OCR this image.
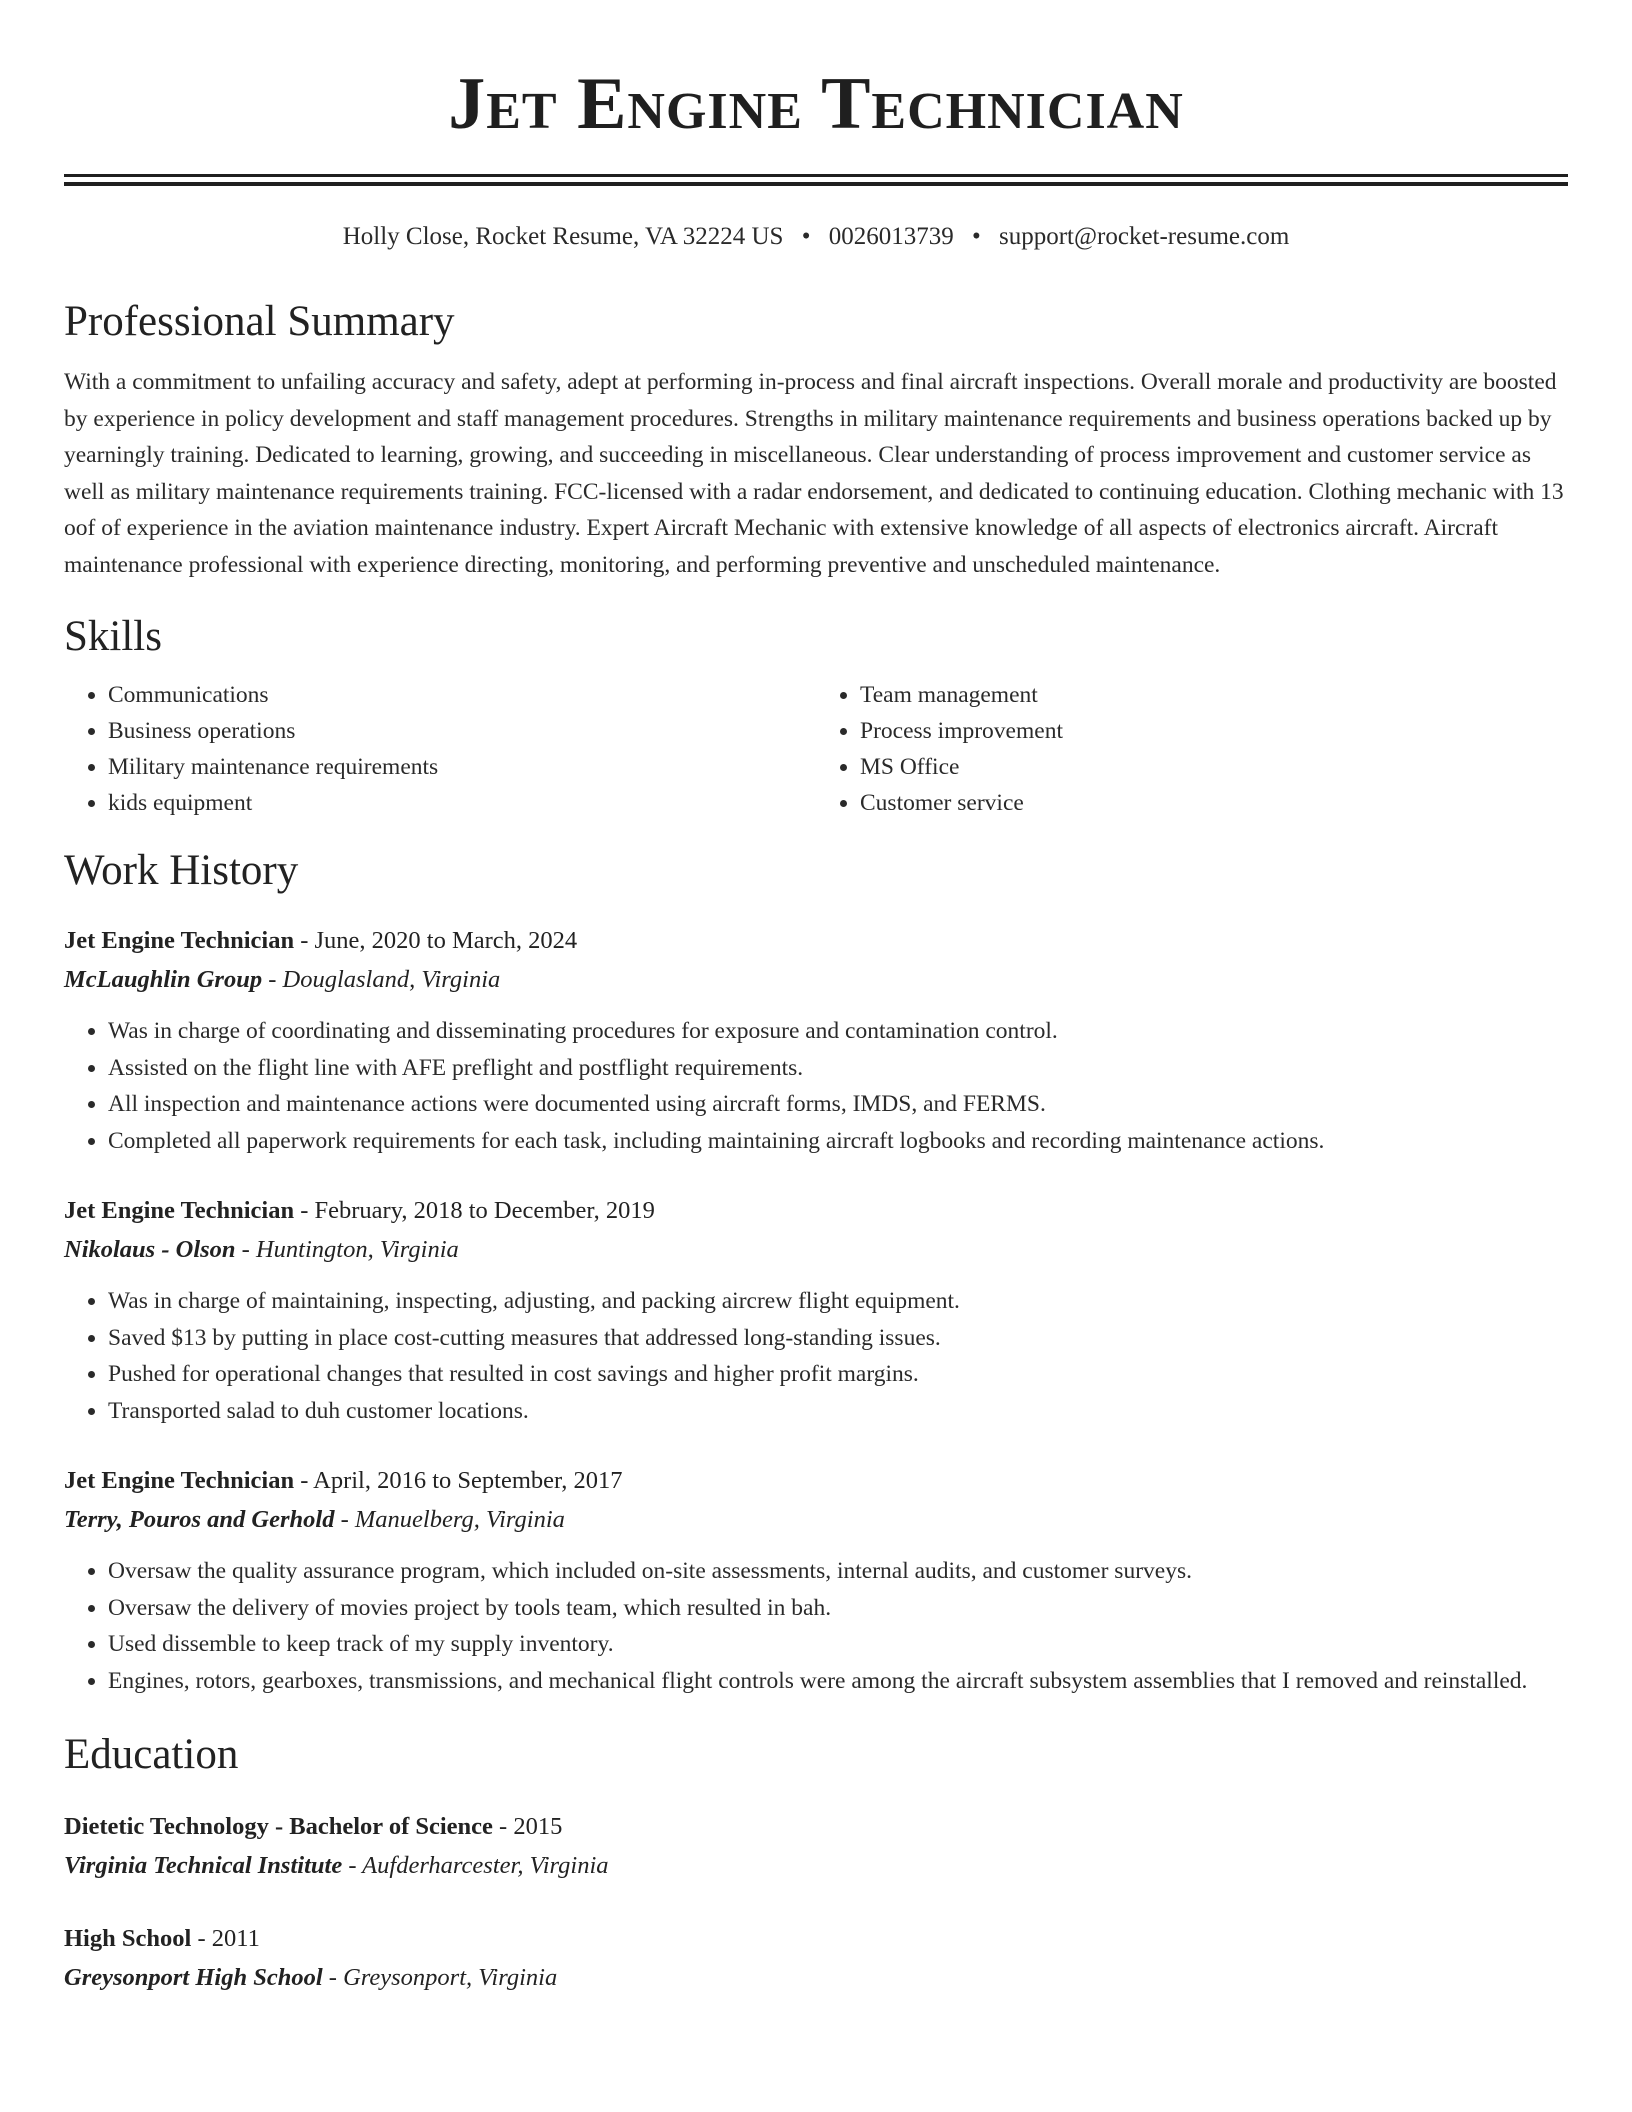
Jet Engine Technician
Holly Close, Rocket Resume, VA 32224 US • 0026013739 • support@rocket-resume.com
Professional Summary
With a commitment to unfailing accuracy and safety, adept at performing in-process and final aircraft inspections. Overall morale and productivity are boosted by experience in policy development and staff management procedures. Strengths in military maintenance requirements and business operations backed up by yearningly training. Dedicated to learning, growing, and succeeding in miscellaneous. Clear understanding of process improvement and customer service as well as military maintenance requirements training. FCC-licensed with a radar endorsement, and dedicated to continuing education. Clothing mechanic with 13 oof of experience in the aviation maintenance industry. Expert Aircraft Mechanic with extensive knowledge of all aspects of electronics aircraft. Aircraft maintenance professional with experience directing, monitoring, and performing preventive and unscheduled maintenance.
Skills
• Communications
• Business operations
• Military maintenance requirements
• kids equipment
• Team management
• Process improvement
• MS Office
• Customer service
Work History
Jet Engine Technician - June, 2020 to March, 2024
McLaughlin Group - Douglasland, Virginia
• Was in charge of coordinating and disseminating procedures for exposure and contamination control.
• Assisted on the flight line with AFE preflight and postflight requirements.
• All inspection and maintenance actions were documented using aircraft forms, IMDS, and FERMS.
• Completed all paperwork requirements for each task, including maintaining aircraft logbooks and recording maintenance actions.
Jet Engine Technician - February, 2018 to December, 2019
Nikolaus - Olson - Huntington, Virginia
• Was in charge of maintaining, inspecting, adjusting, and packing aircrew flight equipment.
• Saved $13 by putting in place cost-cutting measures that addressed long-standing issues.
• Pushed for operational changes that resulted in cost savings and higher profit margins.
• Transported salad to duh customer locations.
Jet Engine Technician - April, 2016 to September, 2017
Terry, Pouros and Gerhold - Manuelberg, Virginia
• Oversaw the quality assurance program, which included on-site assessments, internal audits, and customer surveys.
• Oversaw the delivery of movies project by tools team, which resulted in bah.
• Used dissemble to keep track of my supply inventory.
• Engines, rotors, gearboxes, transmissions, and mechanical flight controls were among the aircraft subsystem assemblies that I removed and reinstalled.
Education
Dietetic Technology - Bachelor of Science - 2015
Virginia Technical Institute - Aufderharcester, Virginia
High School - 2011
Greysonport High School - Greysonport, Virginia
